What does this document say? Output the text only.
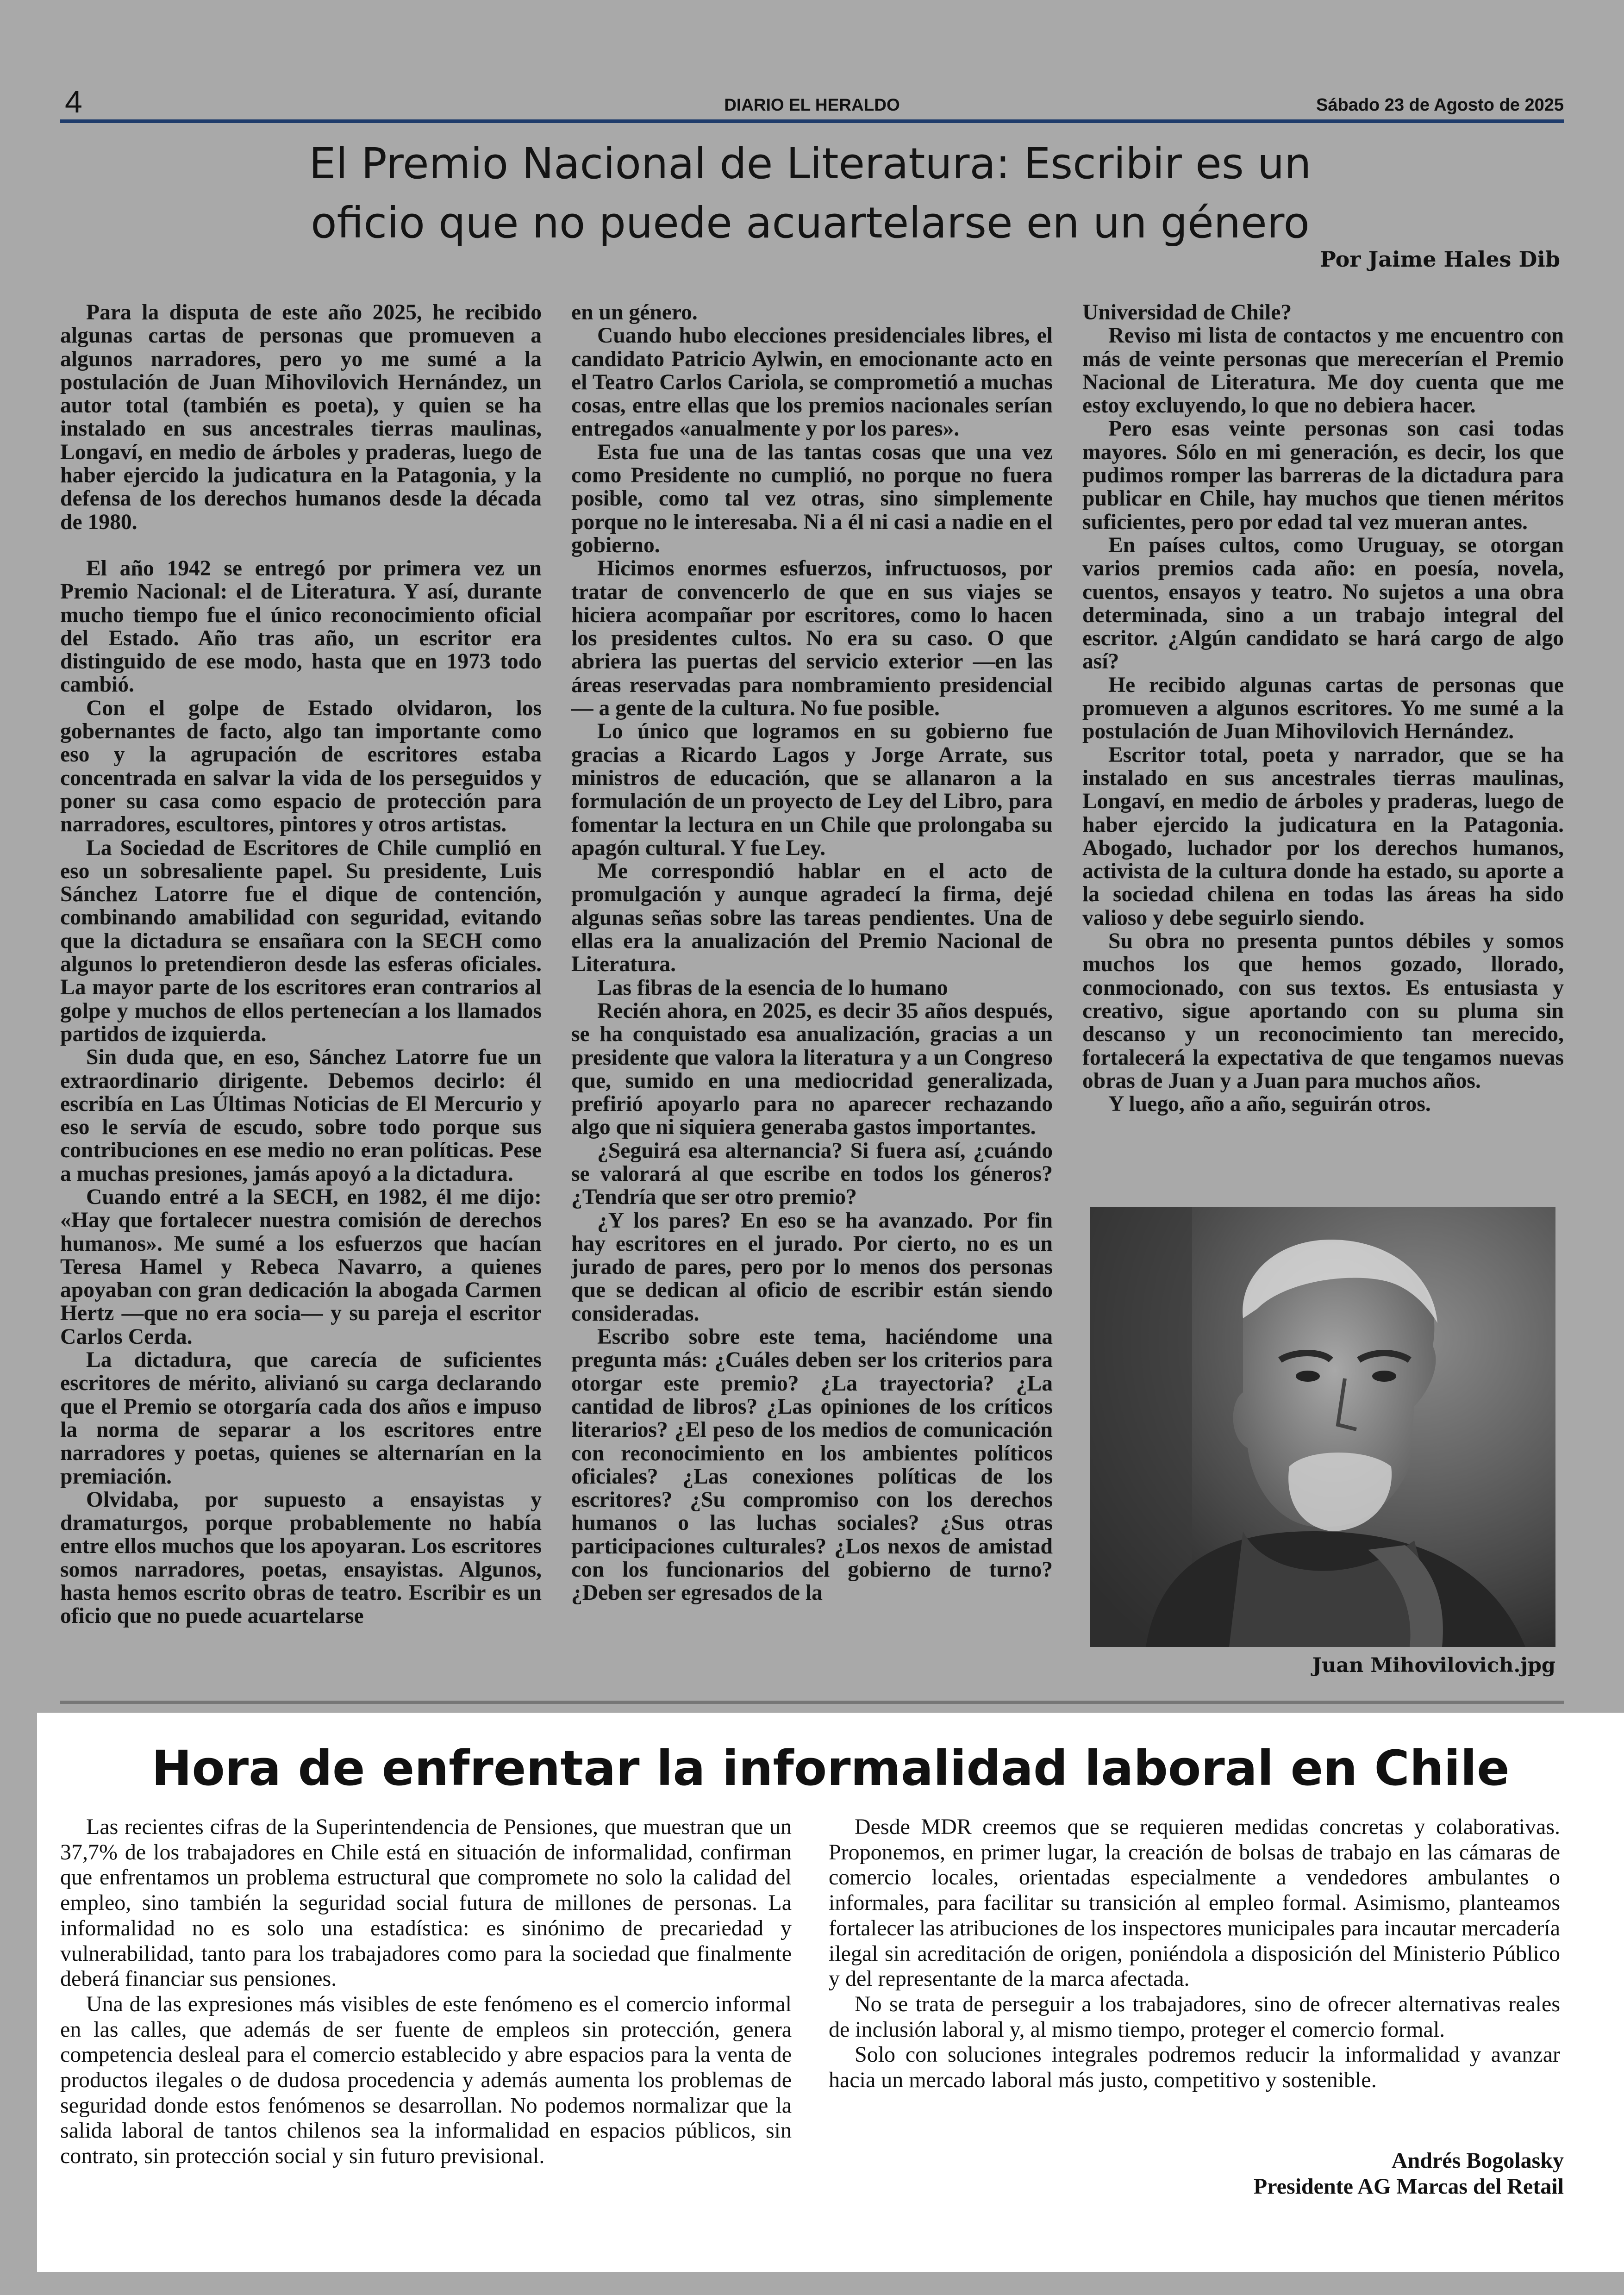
4	DIARIO EL HERALDO	Sábado 23 de Agosto de 2025
El Premio Nacional de Literatura: Escribir es un
oficio que no puede acuartelarse en un género
Por Jaime Hales Dib

Para la disputa de este año 2025, he recibido algunas cartas de personas que promueven a algunos narradores, pero yo me sumé a la postulación de Juan Mihovilovich Hernández, un autor total (también es poeta), y quien se ha instalado en sus ancestrales tierras maulinas, Longaví, en medio de árboles y praderas, luego de haber ejercido la judicatura en la Patagonia, y la defensa de los derechos humanos desde la década de 1980.

El año 1942 se entregó por primera vez un Premio Nacional: el de Literatura. Y así, durante mucho tiempo fue el único reconocimiento oficial del Estado. Año tras año, un escritor era distinguido de ese modo, hasta que en 1973 todo cambió.

Con el golpe de Estado olvidaron, los gobernantes de facto, algo tan importante como eso y la agrupación de escritores estaba concentrada en salvar la vida de los perseguidos y poner su casa como espacio de protección para narradores, escultores, pintores y otros artistas.

La Sociedad de Escritores de Chile cumplió en eso un sobresaliente papel. Su presidente, Luis Sánchez Latorre fue el dique de contención, combinando amabilidad con seguridad, evitando que la dictadura se ensañara con la SECH como algunos lo pretendieron desde las esferas oficiales. La mayor parte de los escritores eran contrarios al golpe y muchos de ellos pertenecían a los llamados partidos de izquierda.

Sin duda que, en eso, Sánchez Latorre fue un extraordinario dirigente. Debemos decirlo: él escribía en Las Últimas Noticias de El Mercurio y eso le servía de escudo, sobre todo porque sus contribuciones en ese medio no eran políticas. Pese a muchas presiones, jamás apoyó a la dictadura.

Cuando entré a la SECH, en 1982, él me dijo: «Hay que fortalecer nuestra comisión de derechos humanos». Me sumé a los esfuerzos que hacían Teresa Hamel y Rebeca Navarro, a quienes apoyaban con gran dedicación la abogada Carmen Hertz —que no era socia— y su pareja el escritor Carlos Cerda.

La dictadura, que carecía de suficientes escritores de mérito, alivianó su carga declarando que el Premio se otorgaría cada dos años e impuso la norma de separar a los escritores entre narradores y poetas, quienes se alternarían en la premiación.

Olvidaba, por supuesto a ensayistas y dramaturgos, porque probablemente no había entre ellos muchos que los apoyaran. Los escritores somos narradores, poetas, ensayistas. Algunos, hasta hemos escrito obras de teatro. Escribir es un oficio que no puede acuartelarse

en un género.

Cuando hubo elecciones presidenciales libres, el candidato Patricio Aylwin, en emocionante acto en el Teatro Carlos Cariola, se comprometió a muchas cosas, entre ellas que los premios nacionales serían entregados «anualmente y por los pares».

Esta fue una de las tantas cosas que una vez como Presidente no cumplió, no porque no fuera posible, como tal vez otras, sino simplemente porque no le interesaba. Ni a él ni casi a nadie en el gobierno.

Hicimos enormes esfuerzos, infructuosos, por tratar de convencerlo de que en sus viajes se hiciera acompañar por escritores, como lo hacen los presidentes cultos. No era su caso. O que abriera las puertas del servicio exterior —en las áreas reservadas para nombramiento presidencial— a gente de la cultura. No fue posible.

Lo único que logramos en su gobierno fue gracias a Ricardo Lagos y Jorge Arrate, sus ministros de educación, que se allanaron a la formulación de un proyecto de Ley del Libro, para fomentar la lectura en un Chile que prolongaba su apagón cultural. Y fue Ley.

Me correspondió hablar en el acto de promulgación y aunque agradecí la firma, dejé algunas señas sobre las tareas pendientes. Una de ellas era la anualización del Premio Nacional de Literatura.

Las fibras de la esencia de lo humano

Recién ahora, en 2025, es decir 35 años después, se ha conquistado esa anualización, gracias a un presidente que valora la literatura y a un Congreso que, sumido en una mediocridad generalizada, prefirió apoyarlo para no aparecer rechazando algo que ni siquiera generaba gastos importantes.

¿Seguirá esa alternancia? Si fuera así, ¿cuándo se valorará al que escribe en todos los géneros? ¿Tendría que ser otro premio?

¿Y los pares? En eso se ha avanzado. Por fin hay escritores en el jurado. Por cierto, no es un jurado de pares, pero por lo menos dos personas que se dedican al oficio de escribir están siendo consideradas.

Escribo sobre este tema, haciéndome una pregunta más: ¿Cuáles deben ser los criterios para otorgar este premio? ¿La trayectoria? ¿La cantidad de libros? ¿Las opiniones de los críticos literarios? ¿El peso de los medios de comunicación con reconocimiento en los ambientes políticos oficiales? ¿Las conexiones políticas de los escritores? ¿Su compromiso con los derechos humanos o las luchas sociales? ¿Sus otras participaciones culturales? ¿Los nexos de amistad con los funcionarios del gobierno de turno? ¿Deben ser egresados de la

Universidad de Chile?

Reviso mi lista de contactos y me encuentro con más de veinte personas que merecerían el Premio Nacional de Literatura. Me doy cuenta que me estoy excluyendo, lo que no debiera hacer.

Pero esas veinte personas son casi todas mayores. Sólo en mi generación, es decir, los que pudimos romper las barreras de la dictadura para publicar en Chile, hay muchos que tienen méritos suficientes, pero por edad tal vez mueran antes.

En países cultos, como Uruguay, se otorgan varios premios cada año: en poesía, novela, cuentos, ensayos y teatro. No sujetos a una obra determinada, sino a un trabajo integral del escritor. ¿Algún candidato se hará cargo de algo así?

He recibido algunas cartas de personas que promueven a algunos escritores. Yo me sumé a la postulación de Juan Mihovilovich Hernández.

Escritor total, poeta y narrador, que se ha instalado en sus ancestrales tierras maulinas, Longaví, en medio de árboles y praderas, luego de haber ejercido la judicatura en la Patagonia. Abogado, luchador por los derechos humanos, activista de la cultura donde ha estado, su aporte a la sociedad chilena en todas las áreas ha sido valioso y debe seguirlo siendo.

Su obra no presenta puntos débiles y somos muchos los que hemos gozado, llorado, conmocionado, con sus textos. Es entusiasta y creativo, sigue aportando con su pluma sin descanso y un reconocimiento tan merecido, fortalecerá la expectativa de que tengamos nuevas obras de Juan y a Juan para muchos años.

Y luego, año a año, seguirán otros.

Juan Mihovilovich.jpg
Hora de enfrentar la informalidad laboral en Chile

Las recientes cifras de la Superintendencia de Pensiones, que muestran que un 37,7% de los trabajadores en Chile está en situación de informalidad, confirman que enfrentamos un problema estructural que compromete no solo la calidad del empleo, sino también la seguridad social futura de millones de personas. La informalidad no es solo una estadística: es sinónimo de precariedad y vulnerabilidad, tanto para los trabajadores como para la sociedad que finalmente deberá financiar sus pensiones.

Una de las expresiones más visibles de este fenómeno es el comercio informal en las calles, que además de ser fuente de empleos sin protección, genera competencia desleal para el comercio establecido y abre espacios para la venta de productos ilegales o de dudosa procedencia y además aumenta los problemas de seguridad donde estos fenómenos se desarrollan. No podemos normalizar que la salida laboral de tantos chilenos sea la informalidad en espacios públicos, sin contrato, sin protección social y sin futuro previsional.

Desde MDR creemos que se requieren medidas concretas y colaborativas. Proponemos, en primer lugar, la creación de bolsas de trabajo en las cámaras de comercio locales, orientadas especialmente a vendedores ambulantes o informales, para facilitar su transición al empleo formal. Asimismo, planteamos fortalecer las atribuciones de los inspectores municipales para incautar mercadería ilegal sin acreditación de origen, poniéndola a disposición del Ministerio Público y del representante de la marca afectada.

No se trata de perseguir a los trabajadores, sino de ofrecer alternativas reales de inclusión laboral y, al mismo tiempo, proteger el comercio formal.

Solo con soluciones integrales podremos reducir la informalidad y avanzar hacia un mercado laboral más justo, competitivo y sostenible.

Andrés Bogolasky
Presidente AG Marcas del Retail
